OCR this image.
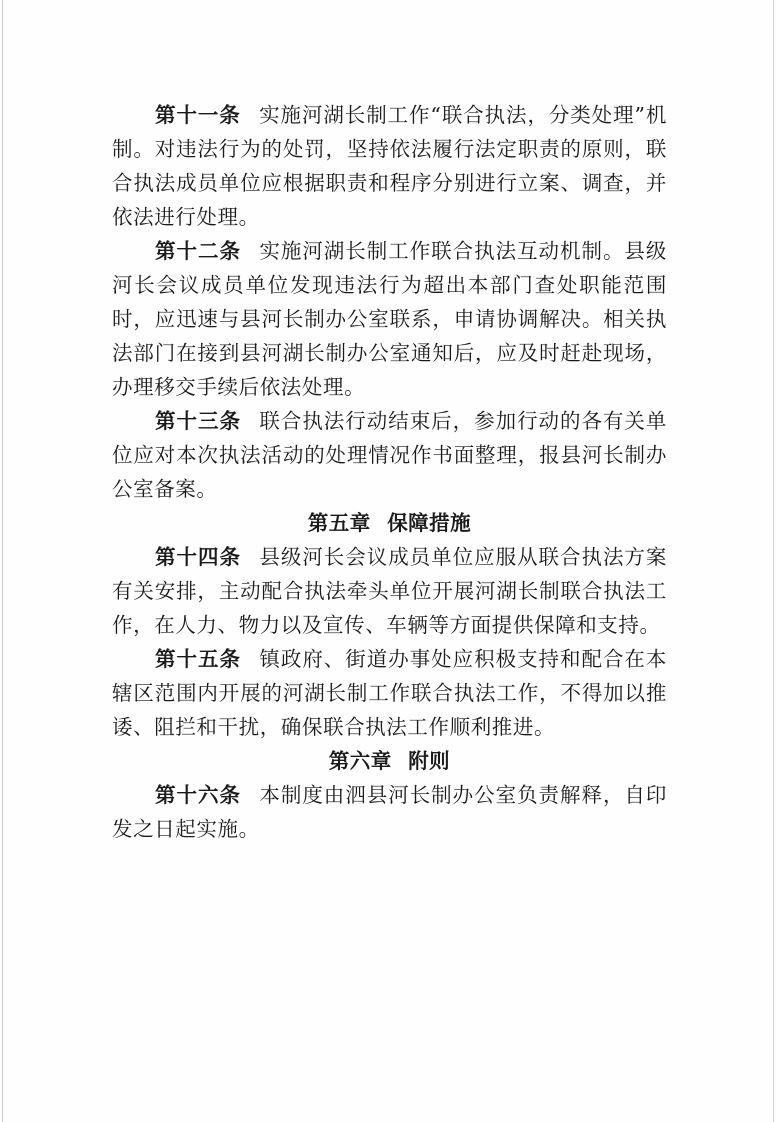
第十一条 实施河湖长制工作“联合执法，分类处理”机制。对违法行为的处罚，坚持依法履行法定职责的原则，联合执法成员单位应根据职责和程序分别进行立案、调查，并依法进行处理。

第十二条 实施河湖长制工作联合执法互动机制。县级河长会议成员单位发现违法行为超出本部门查处职能范围时，应迅速与县河长制办公室联系，申请协调解决。相关执法部门在接到县河湖长制办公室通知后，应及时赶赴现场，办理移交手续后依法处理。

第十三条 联合执法行动结束后，参加行动的各有关单位应对本次执法活动的处理情况作书面整理，报县河长制办公室备案。

第五章 保障措施

第十四条 县级河长会议成员单位应服从联合执法方案有关安排，主动配合执法牵头单位开展河湖长制联合执法工作，在人力、物力以及宣传、车辆等方面提供保障和支持。

第十五条 镇政府、街道办事处应积极支持和配合在本辖区范围内开展的河湖长制工作联合执法工作，不得加以推诿、阻拦和干扰，确保联合执法工作顺利推进。

第六章 附则

第十六条 本制度由泗县河长制办公室负责解释，自印发之日起实施。
